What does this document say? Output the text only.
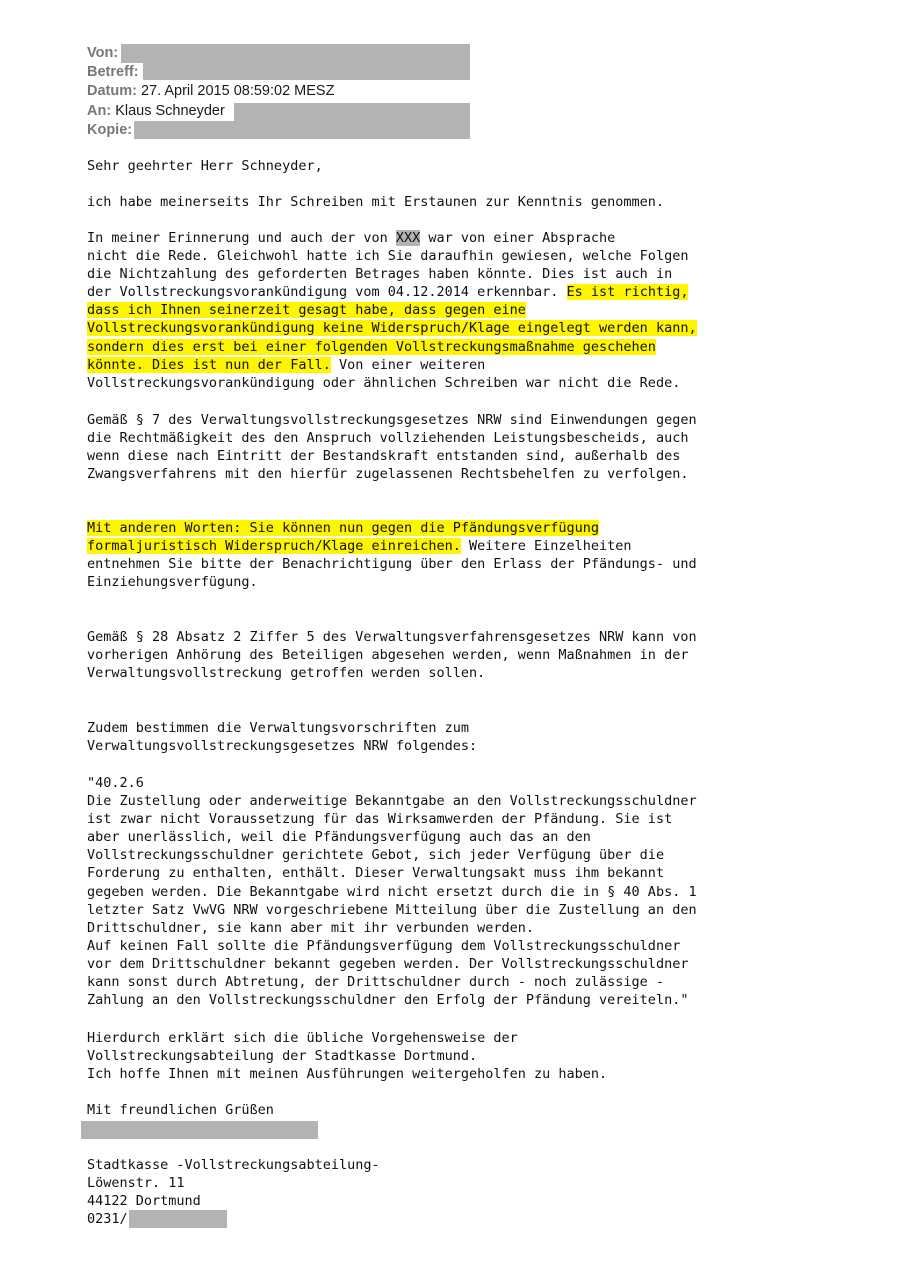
Von:
Betreff:
Datum: 27. April 2015 08:59:02 MESZ
An: Klaus Schneyder
Kopie:

Sehr geehrter Herr Schneyder,

ich habe meinerseits Ihr Schreiben mit Erstaunen zur Kenntnis genommen.

In meiner Erinnerung und auch der von XXX war von einer Absprache
nicht die Rede. Gleichwohl hatte ich Sie daraufhin gewiesen, welche Folgen
die Nichtzahlung des geforderten Betrages haben könnte. Dies ist auch in
der Vollstreckungsvorankündigung vom 04.12.2014 erkennbar. Es ist richtig,
dass ich Ihnen seinerzeit gesagt habe, dass gegen eine
Vollstreckungsvorankündigung keine Widerspruch/Klage eingelegt werden kann,
sondern dies erst bei einer folgenden Vollstreckungsmaßnahme geschehen
könnte. Dies ist nun der Fall. Von einer weiteren
Vollstreckungsvorankündigung oder ähnlichen Schreiben war nicht die Rede.

Gemäß § 7 des Verwaltungsvollstreckungsgesetzes NRW sind Einwendungen gegen
die Rechtmäßigkeit des den Anspruch vollziehenden Leistungsbescheids, auch
wenn diese nach Eintritt der Bestandskraft entstanden sind, außerhalb des
Zwangsverfahrens mit den hierfür zugelassenen Rechtsbehelfen zu verfolgen.

Mit anderen Worten: Sie können nun gegen die Pfändungsverfügung
formaljuristisch Widerspruch/Klage einreichen. Weitere Einzelheiten
entnehmen Sie bitte der Benachrichtigung über den Erlass der Pfändungs- und
Einziehungsverfügung.

Gemäß § 28 Absatz 2 Ziffer 5 des Verwaltungsverfahrensgesetzes NRW kann von
vorherigen Anhörung des Beteiligen abgesehen werden, wenn Maßnahmen in der
Verwaltungsvollstreckung getroffen werden sollen.

Zudem bestimmen die Verwaltungsvorschriften zum
Verwaltungsvollstreckungsgesetzes NRW folgendes:

"40.2.6
Die Zustellung oder anderweitige Bekanntgabe an den Vollstreckungsschuldner
ist zwar nicht Voraussetzung für das Wirksamwerden der Pfändung. Sie ist
aber unerlässlich, weil die Pfändungsverfügung auch das an den
Vollstreckungsschuldner gerichtete Gebot, sich jeder Verfügung über die
Forderung zu enthalten, enthält. Dieser Verwaltungsakt muss ihm bekannt
gegeben werden. Die Bekanntgabe wird nicht ersetzt durch die in § 40 Abs. 1
letzter Satz VwVG NRW vorgeschriebene Mitteilung über die Zustellung an den
Drittschuldner, sie kann aber mit ihr verbunden werden.
Auf keinen Fall sollte die Pfändungsverfügung dem Vollstreckungsschuldner
vor dem Drittschuldner bekannt gegeben werden. Der Vollstreckungsschuldner
kann sonst durch Abtretung, der Drittschuldner durch - noch zulässige -
Zahlung an den Vollstreckungsschuldner den Erfolg der Pfändung vereiteln."

Hierdurch erklärt sich die übliche Vorgehensweise der
Vollstreckungsabteilung der Stadtkasse Dortmund.
Ich hoffe Ihnen mit meinen Ausführungen weitergeholfen zu haben.

Mit freundlichen Grüßen

Stadtkasse -Vollstreckungsabteilung-

Löwenstr. 11

44122 Dortmund

0231/
